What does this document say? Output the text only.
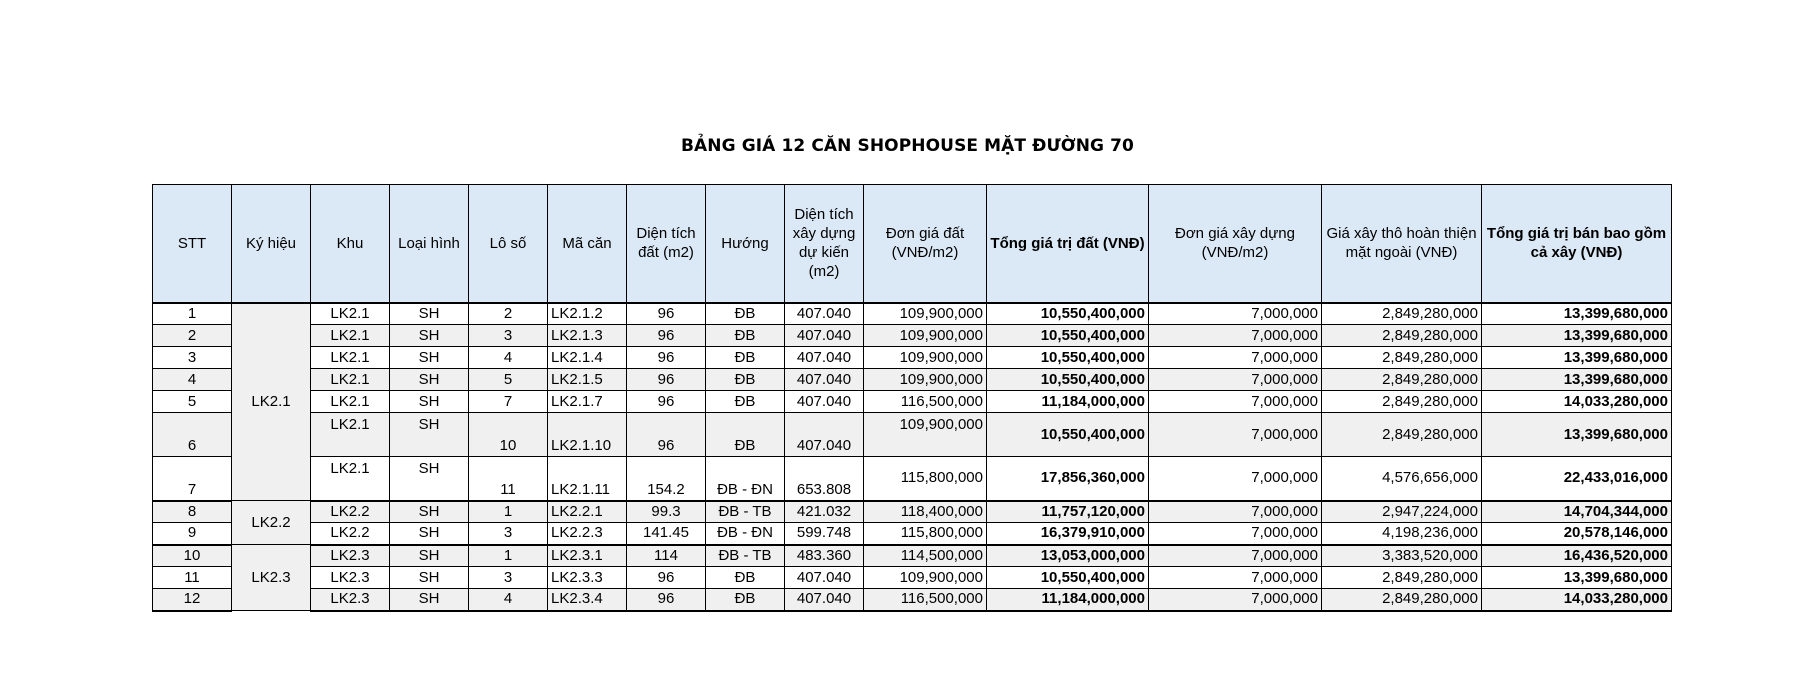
BẢNG GIÁ 12 CĂN SHOPHOUSE MẶT ĐƯỜNG 70
STT	Ký hiệu	Khu	Loại hình	Lô số	Mã căn	Diện tích đất (m2)	Hướng	Diện tích xây dựng dự kiến (m2)	Đơn giá đất (VNĐ/m2)	Tổng giá trị đất (VNĐ)	Đơn giá xây dựng (VNĐ/m2)	Giá xây thô hoàn thiện mặt ngoài (VNĐ)	Tổng giá trị bán bao gồm cả xây (VNĐ)
1	LK2.1	LK2.1	SH	2	LK2.1.2	96	ĐB	407.040	109,900,000	10,550,400,000	7,000,000	2,849,280,000	13,399,680,000
2		LK2.1	SH	3	LK2.1.3	96	ĐB	407.040	109,900,000	10,550,400,000	7,000,000	2,849,280,000	13,399,680,000
3		LK2.1	SH	4	LK2.1.4	96	ĐB	407.040	109,900,000	10,550,400,000	7,000,000	2,849,280,000	13,399,680,000
4		LK2.1	SH	5	LK2.1.5	96	ĐB	407.040	109,900,000	10,550,400,000	7,000,000	2,849,280,000	13,399,680,000
5		LK2.1	SH	7	LK2.1.7	96	ĐB	407.040	116,500,000	11,184,000,000	7,000,000	2,849,280,000	14,033,280,000
6		LK2.1	SH	10	LK2.1.10	96	ĐB	407.040	109,900,000	10,550,400,000	7,000,000	2,849,280,000	13,399,680,000
7		LK2.1	SH	11	LK2.1.11	154.2	ĐB - ĐN	653.808	115,800,000	17,856,360,000	7,000,000	4,576,656,000	22,433,016,000
8	LK2.2	LK2.2	SH	1	LK2.2.1	99.3	ĐB - TB	421.032	118,400,000	11,757,120,000	7,000,000	2,947,224,000	14,704,344,000
9		LK2.2	SH	3	LK2.2.3	141.45	ĐB - ĐN	599.748	115,800,000	16,379,910,000	7,000,000	4,198,236,000	20,578,146,000
10	LK2.3	LK2.3	SH	1	LK2.3.1	114	ĐB - TB	483.360	114,500,000	13,053,000,000	7,000,000	3,383,520,000	16,436,520,000
11		LK2.3	SH	3	LK2.3.3	96	ĐB	407.040	109,900,000	10,550,400,000	7,000,000	2,849,280,000	13,399,680,000
12		LK2.3	SH	4	LK2.3.4	96	ĐB	407.040	116,500,000	11,184,000,000	7,000,000	2,849,280,000	14,033,280,000
